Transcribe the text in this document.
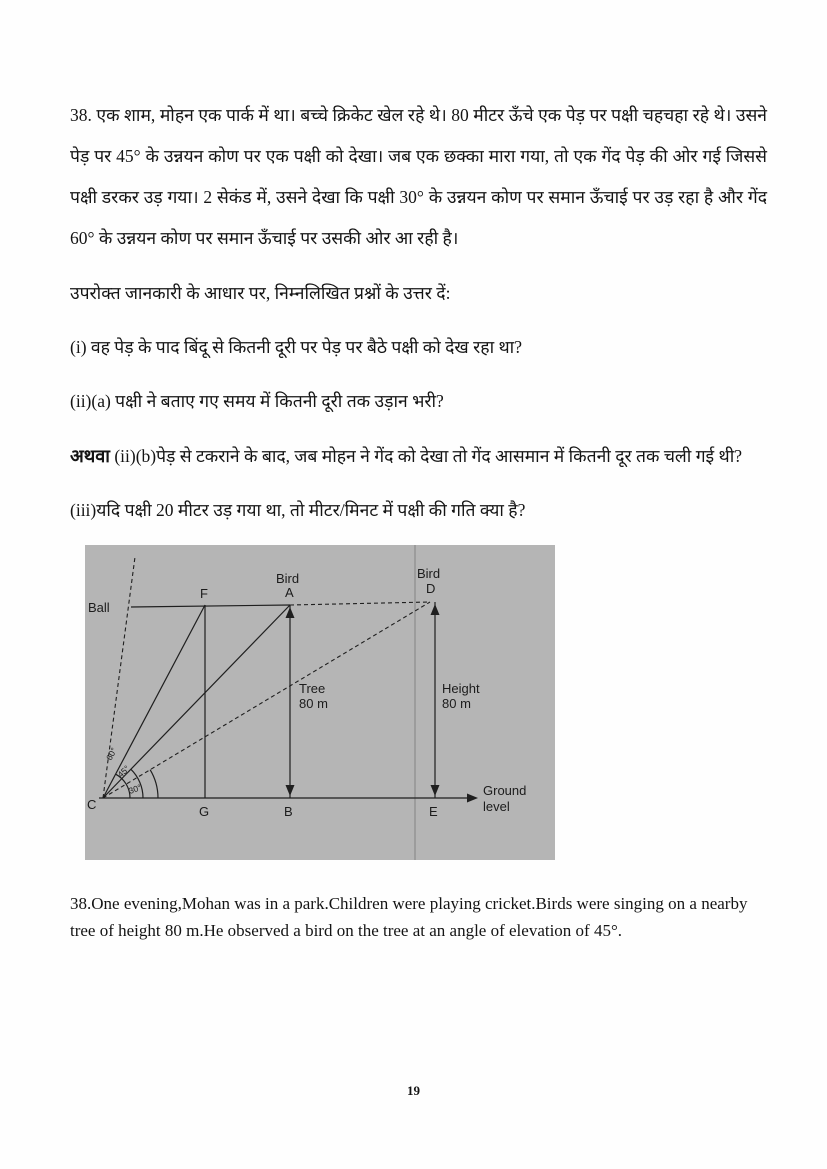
38. एक शाम, मोहन एक पार्क में था। बच्चे क्रिकेट खेल रहे थे। 80 मीटर ऊँचे एक पेड़ पर पक्षी चहचहा रहे थे। उसने पेड़ पर 45° के उन्नयन कोण पर एक पक्षी को देखा। जब एक छक्का मारा गया, तो एक गेंद पेड़ की ओर गई जिससे पक्षी डरकर उड़ गया। 2 सेकंड में, उसने देखा कि पक्षी 30° के उन्नयन कोण पर समान ऊँचाई पर उड़ रहा है और गेंद 60° के उन्नयन कोण पर समान ऊँचाई पर उसकी ओर आ रही है।

उपरोक्त जानकारी के आधार पर, निम्नलिखित प्रश्नों के उत्तर दें:

(i) वह पेड़ के पाद बिंदू से कितनी दूरी पर पेड़ पर बैठे पक्षी को देख रहा था?

(ii)(a) पक्षी ने बताए गए समय में कितनी दूरी तक उड़ान भरी?

अथवा (ii)(b)पेड़ से टकराने के बाद, जब मोहन ने गेंद को देखा तो गेंद आसमान में कितनी दूर तक चली गई थी?

(iii)यदि पक्षी 20 मीटर उड़ गया था, तो मीटर/मिनट में पक्षी की गति क्या है?

60°
45°
30°
Ball
F
Bird
A
Bird
D
C	G	B	E
Tree
80 m
Height
80 m
Ground
level

38.One evening,Mohan was in a park.Children were playing cricket.Birds were singing on a nearby tree of height 80 m.He observed a bird on the tree at an angle of elevation of 45°.

19
